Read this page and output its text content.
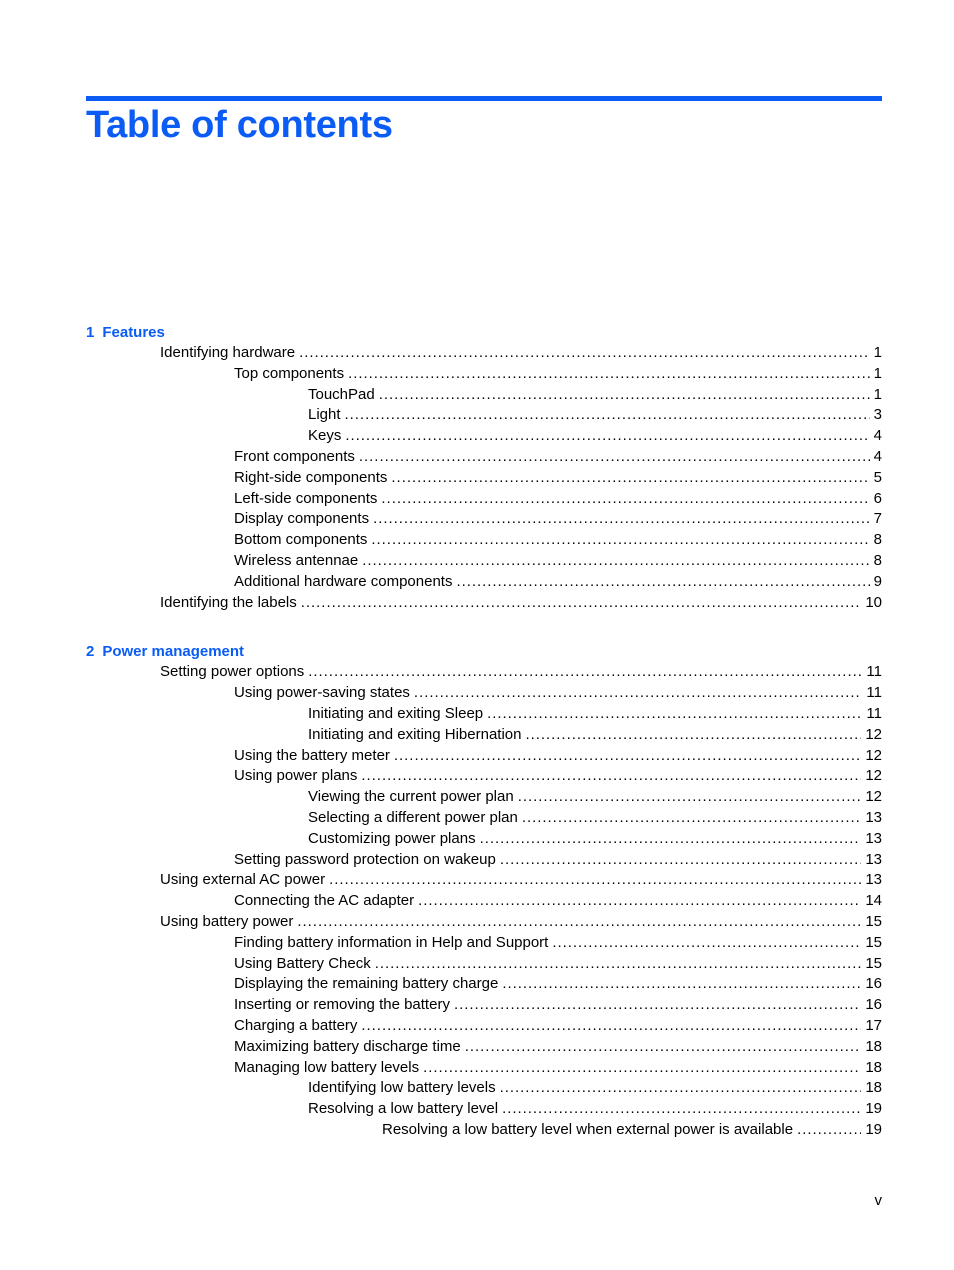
Table of contents
1 Features
Identifying hardware . . .	1
Top components . . .	1
TouchPad . . .	1
Light . . .	3
Keys . . .	4
Front components . . .	4
Right-side components . . .	5
Left-side components . . .	6
Display components . . .	7
Bottom components . . .	8
Wireless antennae . . .	8
Additional hardware components . . .	9
Identifying the labels . . .	10
2 Power management
Setting power options . . .	11
Using power-saving states . . .	11
Initiating and exiting Sleep . . .	11
Initiating and exiting Hibernation . . .	12
Using the battery meter . . .	12
Using power plans . . .	12
Viewing the current power plan . . .	12
Selecting a different power plan . . .	13
Customizing power plans . . .	13
Setting password protection on wakeup . . .	13
Using external AC power . . .	13
Connecting the AC adapter . . .	14
Using battery power . . .	15
Finding battery information in Help and Support . . .	15
Using Battery Check . . .	15
Displaying the remaining battery charge . . .	16
Inserting or removing the battery . . .	16
Charging a battery . . .	17
Maximizing battery discharge time . . .	18
Managing low battery levels . . .	18
Identifying low battery levels . . .	18
Resolving a low battery level . . .	19
Resolving a low battery level when external power is available . . .	19
v
